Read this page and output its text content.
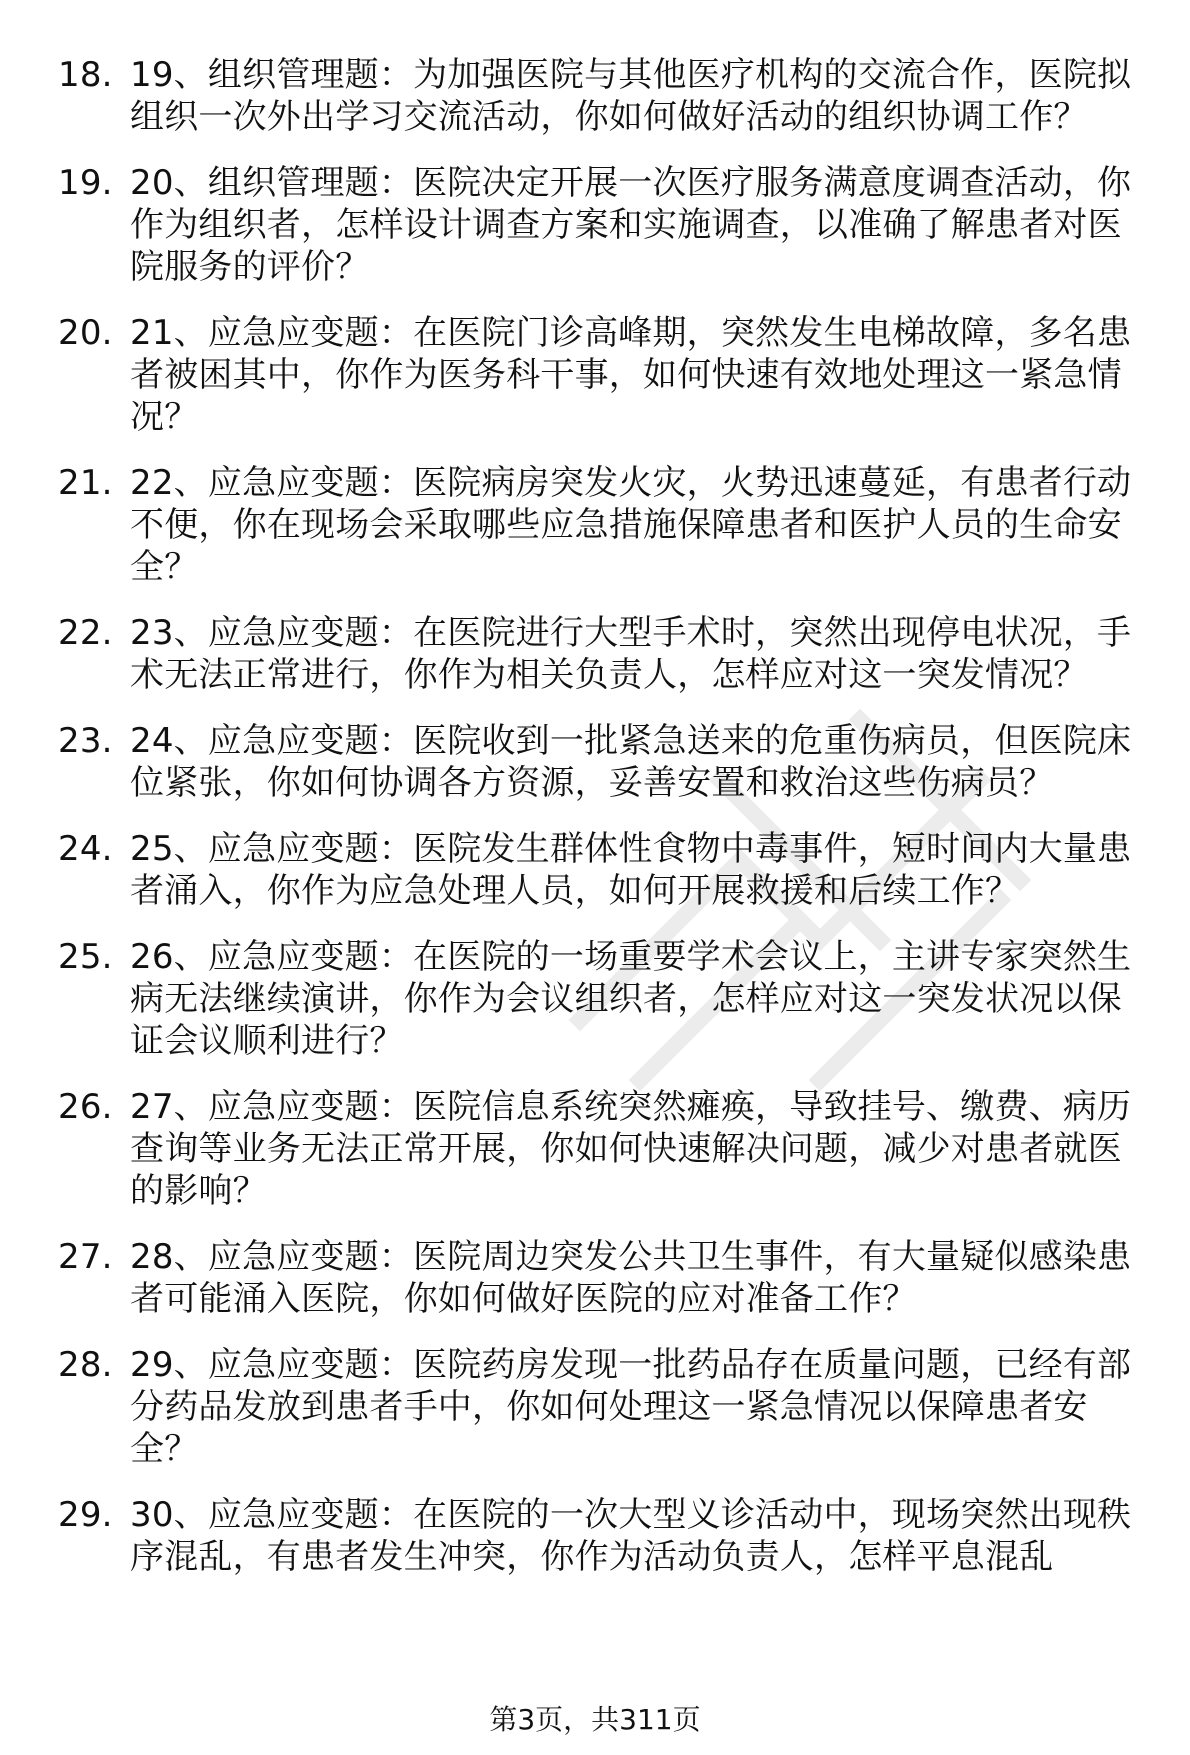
18. 19、组织管理题：为加强医院与其他医疗机构的交流合作，医院拟组织一次外出学习交流活动，你如何做好活动的组织协调工作？
19. 20、组织管理题：医院决定开展一次医疗服务满意度调查活动，你作为组织者，怎样设计调查方案和实施调查，以准确了解患者对医院服务的评价？
20. 21、应急应变题：在医院门诊高峰期，突然发生电梯故障，多名患者被困其中，你作为医务科干事，如何快速有效地处理这一紧急情况？
21. 22、应急应变题：医院病房突发火灾，火势迅速蔓延，有患者行动不便，你在现场会采取哪些应急措施保障患者和医护人员的生命安全？
22. 23、应急应变题：在医院进行大型手术时，突然出现停电状况，手术无法正常进行，你作为相关负责人，怎样应对这一突发情况？
23. 24、应急应变题：医院收到一批紧急送来的危重伤病员，但医院床位紧张，你如何协调各方资源，妥善安置和救治这些伤病员？
24. 25、应急应变题：医院发生群体性食物中毒事件，短时间内大量患者涌入，你作为应急处理人员，如何开展救援和后续工作？
25. 26、应急应变题：在医院的一场重要学术会议上，主讲专家突然生病无法继续演讲，你作为会议组织者，怎样应对这一突发状况以保证会议顺利进行？
26. 27、应急应变题：医院信息系统突然瘫痪，导致挂号、缴费、病历查询等业务无法正常开展，你如何快速解决问题，减少对患者就医的影响？
27. 28、应急应变题：医院周边突发公共卫生事件，有大量疑似感染患者可能涌入医院，你如何做好医院的应对准备工作？
28. 29、应急应变题：医院药房发现一批药品存在质量问题，已经有部分药品发放到患者手中，你如何处理这一紧急情况以保障患者安全？
29. 30、应急应变题：在医院的一次大型义诊活动中，现场突然出现秩序混乱，有患者发生冲突，你作为活动负责人，怎样平息混乱
第3页，共311页
